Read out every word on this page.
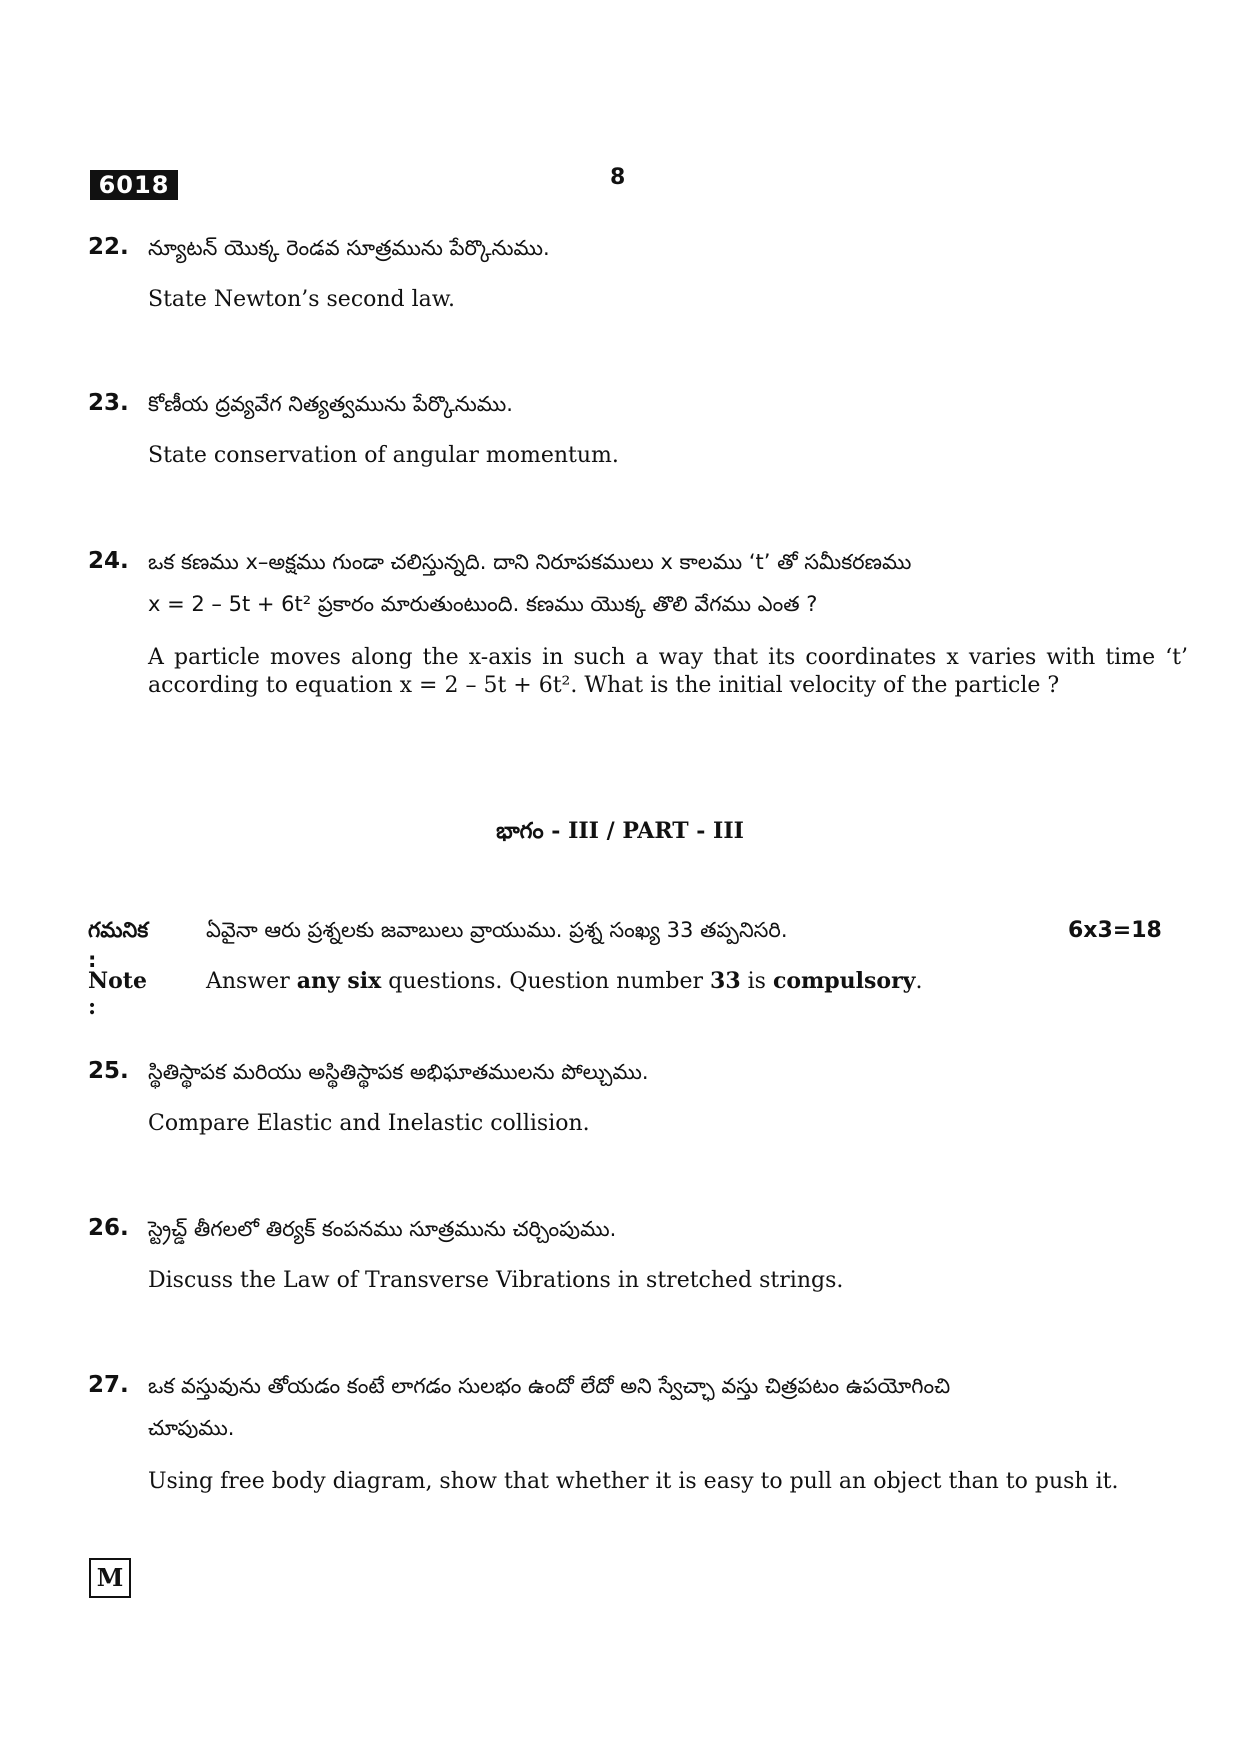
6018	8
22. న్యూటన్ యొక్క రెండవ సూత్రమును పేర్కొనుము.
State Newton’s second law.
23. కోణీయ ద్రవ్యవేగ నిత్యత్వమును పేర్కొనుము.
State conservation of angular momentum.
24. ఒక కణము x–అక్షము గుండా చలిస్తున్నది. దాని నిరూపకములు x కాలము ‘t’ తో సమీకరణము
x = 2 – 5t + 6t² ప్రకారం మారుతుంటుంది. కణము యొక్క తొలి వేగము ఎంత ?
A particle moves along the x-axis in such a way that its coordinates x varies with time ‘t’ according to equation x = 2 – 5t + 6t². What is the initial velocity of the particle ?
భాగం - III / PART - III
గమనిక :
ఏవైనా ఆరు ప్రశ్నలకు జవాబులు వ్రాయుము. ప్రశ్న సంఖ్య 33 తప్పనిసరి.	6x3=18
Note :
Answer any six questions. Question number 33 is compulsory.
25. స్థితిస్థాపక మరియు అస్థితిస్థాపక అభిఘాతములను పోల్చుము.
Compare Elastic and Inelastic collision.
26. స్ట్రెచ్డ్ తీగలలో తిర్యక్ కంపనము సూత్రమును చర్చింపుము.
Discuss the Law of Transverse Vibrations in stretched strings.
27. ఒక వస్తువును తోయడం కంటే లాగడం సులభం ఉందో లేదో అని స్వేచ్ఛా వస్తు చిత్రపటం ఉపయోగించి
చూపుము.
Using free body diagram, show that whether it is easy to pull an object than to push it.
M
